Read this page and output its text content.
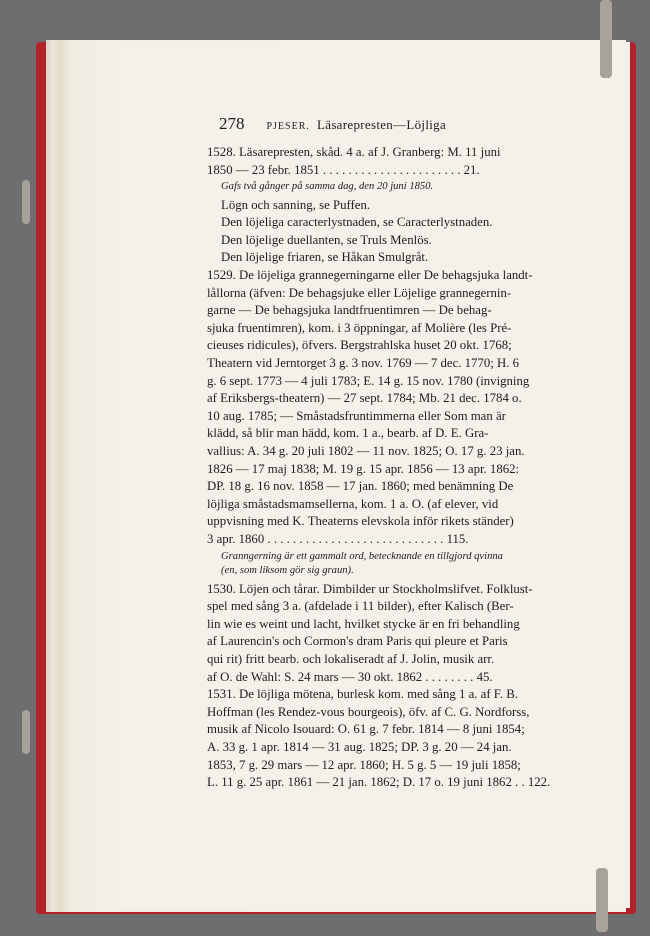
278 PJESER. Läsarepresten—Löjliga

1528. Läsarepresten, skåd. 4 a. af J. Granberg: M. 11 juni

1850 — 23 febr. 1851 . . . . . . . . . . . . . . . . . . . . . . 21.

Gafs två gånger på samma dag, den 20 juni 1850.

Lögn och sanning, se Puffen.

Den löjeliga caracterlystnaden, se Caracterlystnaden.

Den löjelige duellanten, se Truls Menlös.

Den löjelige friaren, se Håkan Smulgråt.

1529. De löjeliga grannegerningarne eller De behagsjuka landt-

lållorna (äfven: De behagsjuke eller Löjelige grannegernin-

garne — De behagsjuka landtfruentimren — De behag-

sjuka fruentimren), kom. i 3 öppningar, af Molière (les Pré-

cieuses ridicules), öfvers. Bergstrahlska huset 20 okt. 1768;

Theatern vid Jerntorget 3 g. 3 nov. 1769 — 7 dec. 1770; H. 6

g. 6 sept. 1773 — 4 juli 1783; E. 14 g. 15 nov. 1780 (invigning

af Eriksbergs-theatern) — 27 sept. 1784; Mb. 21 dec. 1784 o.

10 aug. 1785; — Småstadsfruntimmerna eller Som man är

klädd, så blir man hädd, kom. 1 a., bearb. af D. E. Gra-

vallius: A. 34 g. 20 juli 1802 — 11 nov. 1825; O. 17 g. 23 jan.

1826 — 17 maj 1838; M. 19 g. 15 apr. 1856 — 13 apr. 1862:

DP. 18 g. 16 nov. 1858 — 17 jan. 1860; med benämning De

löjliga småstadsmamsellerna, kom. 1 a. O. (af elever, vid

uppvisning med K. Theaterns elevskola inför rikets ständer)

3 apr. 1860 . . . . . . . . . . . . . . . . . . . . . . . . . . . . 115.

Granngerning är ett gammalt ord, betecknande en tillgjord qvinna

(en, som liksom gör sig graun).

1530. Löjen och tårar. Dimbilder ur Stockholmslifvet. Folklust-

spel med sång 3 a. (afdelade i 11 bilder), efter Kalisch (Ber-

lin wie es weint und lacht, hvilket stycke är en fri behandling

af Laurencin's och Cormon's dram Paris qui pleure et Paris

qui rit) fritt bearb. och lokaliseradt af J. Jolin, musik arr.

af O. de Wahl: S. 24 mars — 30 okt. 1862 . . . . . . . . 45.

1531. De löjliga mötena, burlesk kom. med sång 1 a. af F. B.

Hoffman (les Rendez-vous bourgeois), öfv. af C. G. Nordforss,

musik af Nicolo Isouard: O. 61 g. 7 febr. 1814 — 8 juni 1854;

A. 33 g. 1 apr. 1814 — 31 aug. 1825; DP. 3 g. 20 — 24 jan.

1853, 7 g. 29 mars — 12 apr. 1860; H. 5 g. 5 — 19 juli 1858;

L. 11 g. 25 apr. 1861 — 21 jan. 1862; D. 17 o. 19 juni 1862 . . 122.
